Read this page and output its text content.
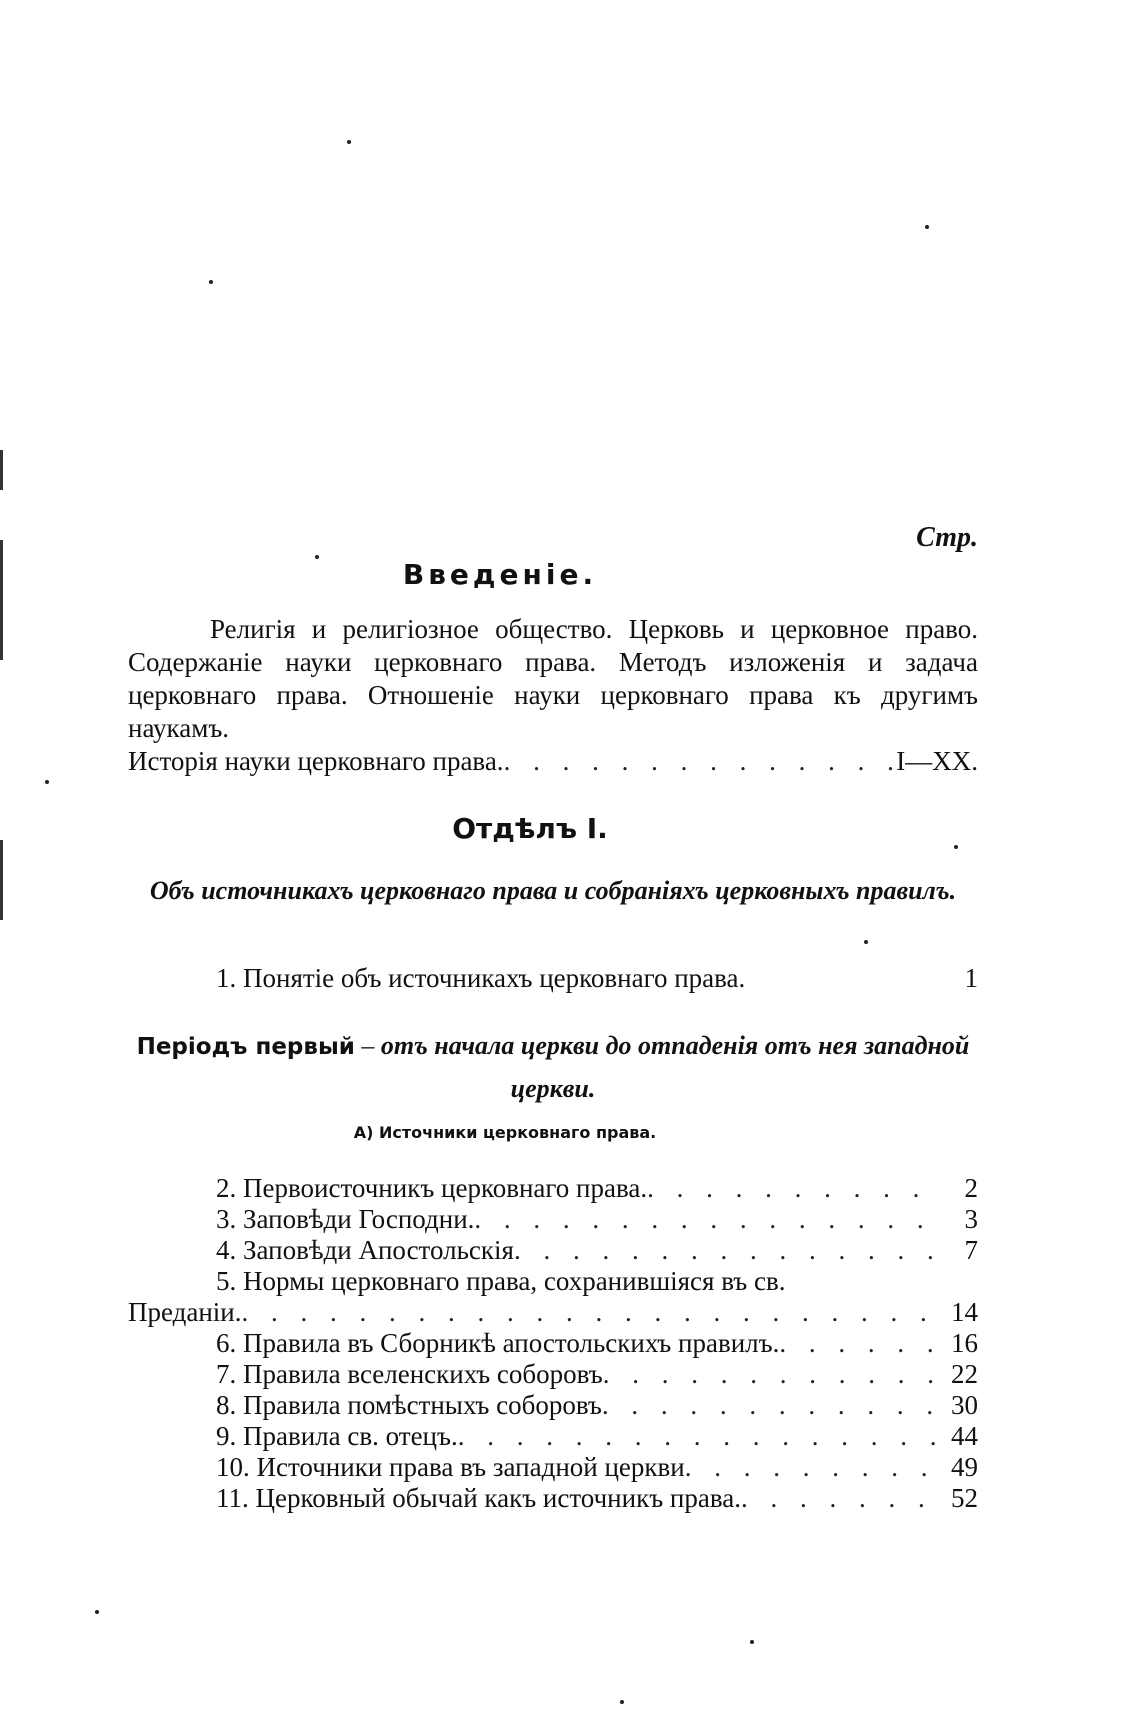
Стр.
Введеніе.
Религія и религіозное общество. Церковь и церковное право. Содержаніе науки церковнаго права. Методъ изложенія и задача церковнаго права. Отношеніе науки церковнаго права къ другимъ наукамъ.
Исторія науки церковнаго права. . . .	I—XX.
Отдѣлъ I.
Объ источникахъ церковнаго права и собраніяхъ церковныхъ правилъ.
1. Понятіе объ источникахъ церковнаго права.	1
Періодъ первый – отъ начала церкви до отпаденія отъ нея западной церкви.
А) Источники церковнаго права.
2. Первоисточникъ церковнаго права. . . .	2
3. Заповѣди Господни. . . .	3
4. Заповѣди Апостольскія . . .	7
5. Нормы церковнаго права, сохранившіяся въ св.
Преданіи. . . .	14
6. Правила въ Сборникѣ апостольскихъ правилъ. . . .	16
7. Правила вселенскихъ соборовъ . . .	22
8. Правила помѣстныхъ соборовъ . . .	30
9. Правила св. отецъ. . . .	44
10. Источники права въ западной церкви . . .	49
11. Церковный обычай какъ источникъ права. . . .	52
